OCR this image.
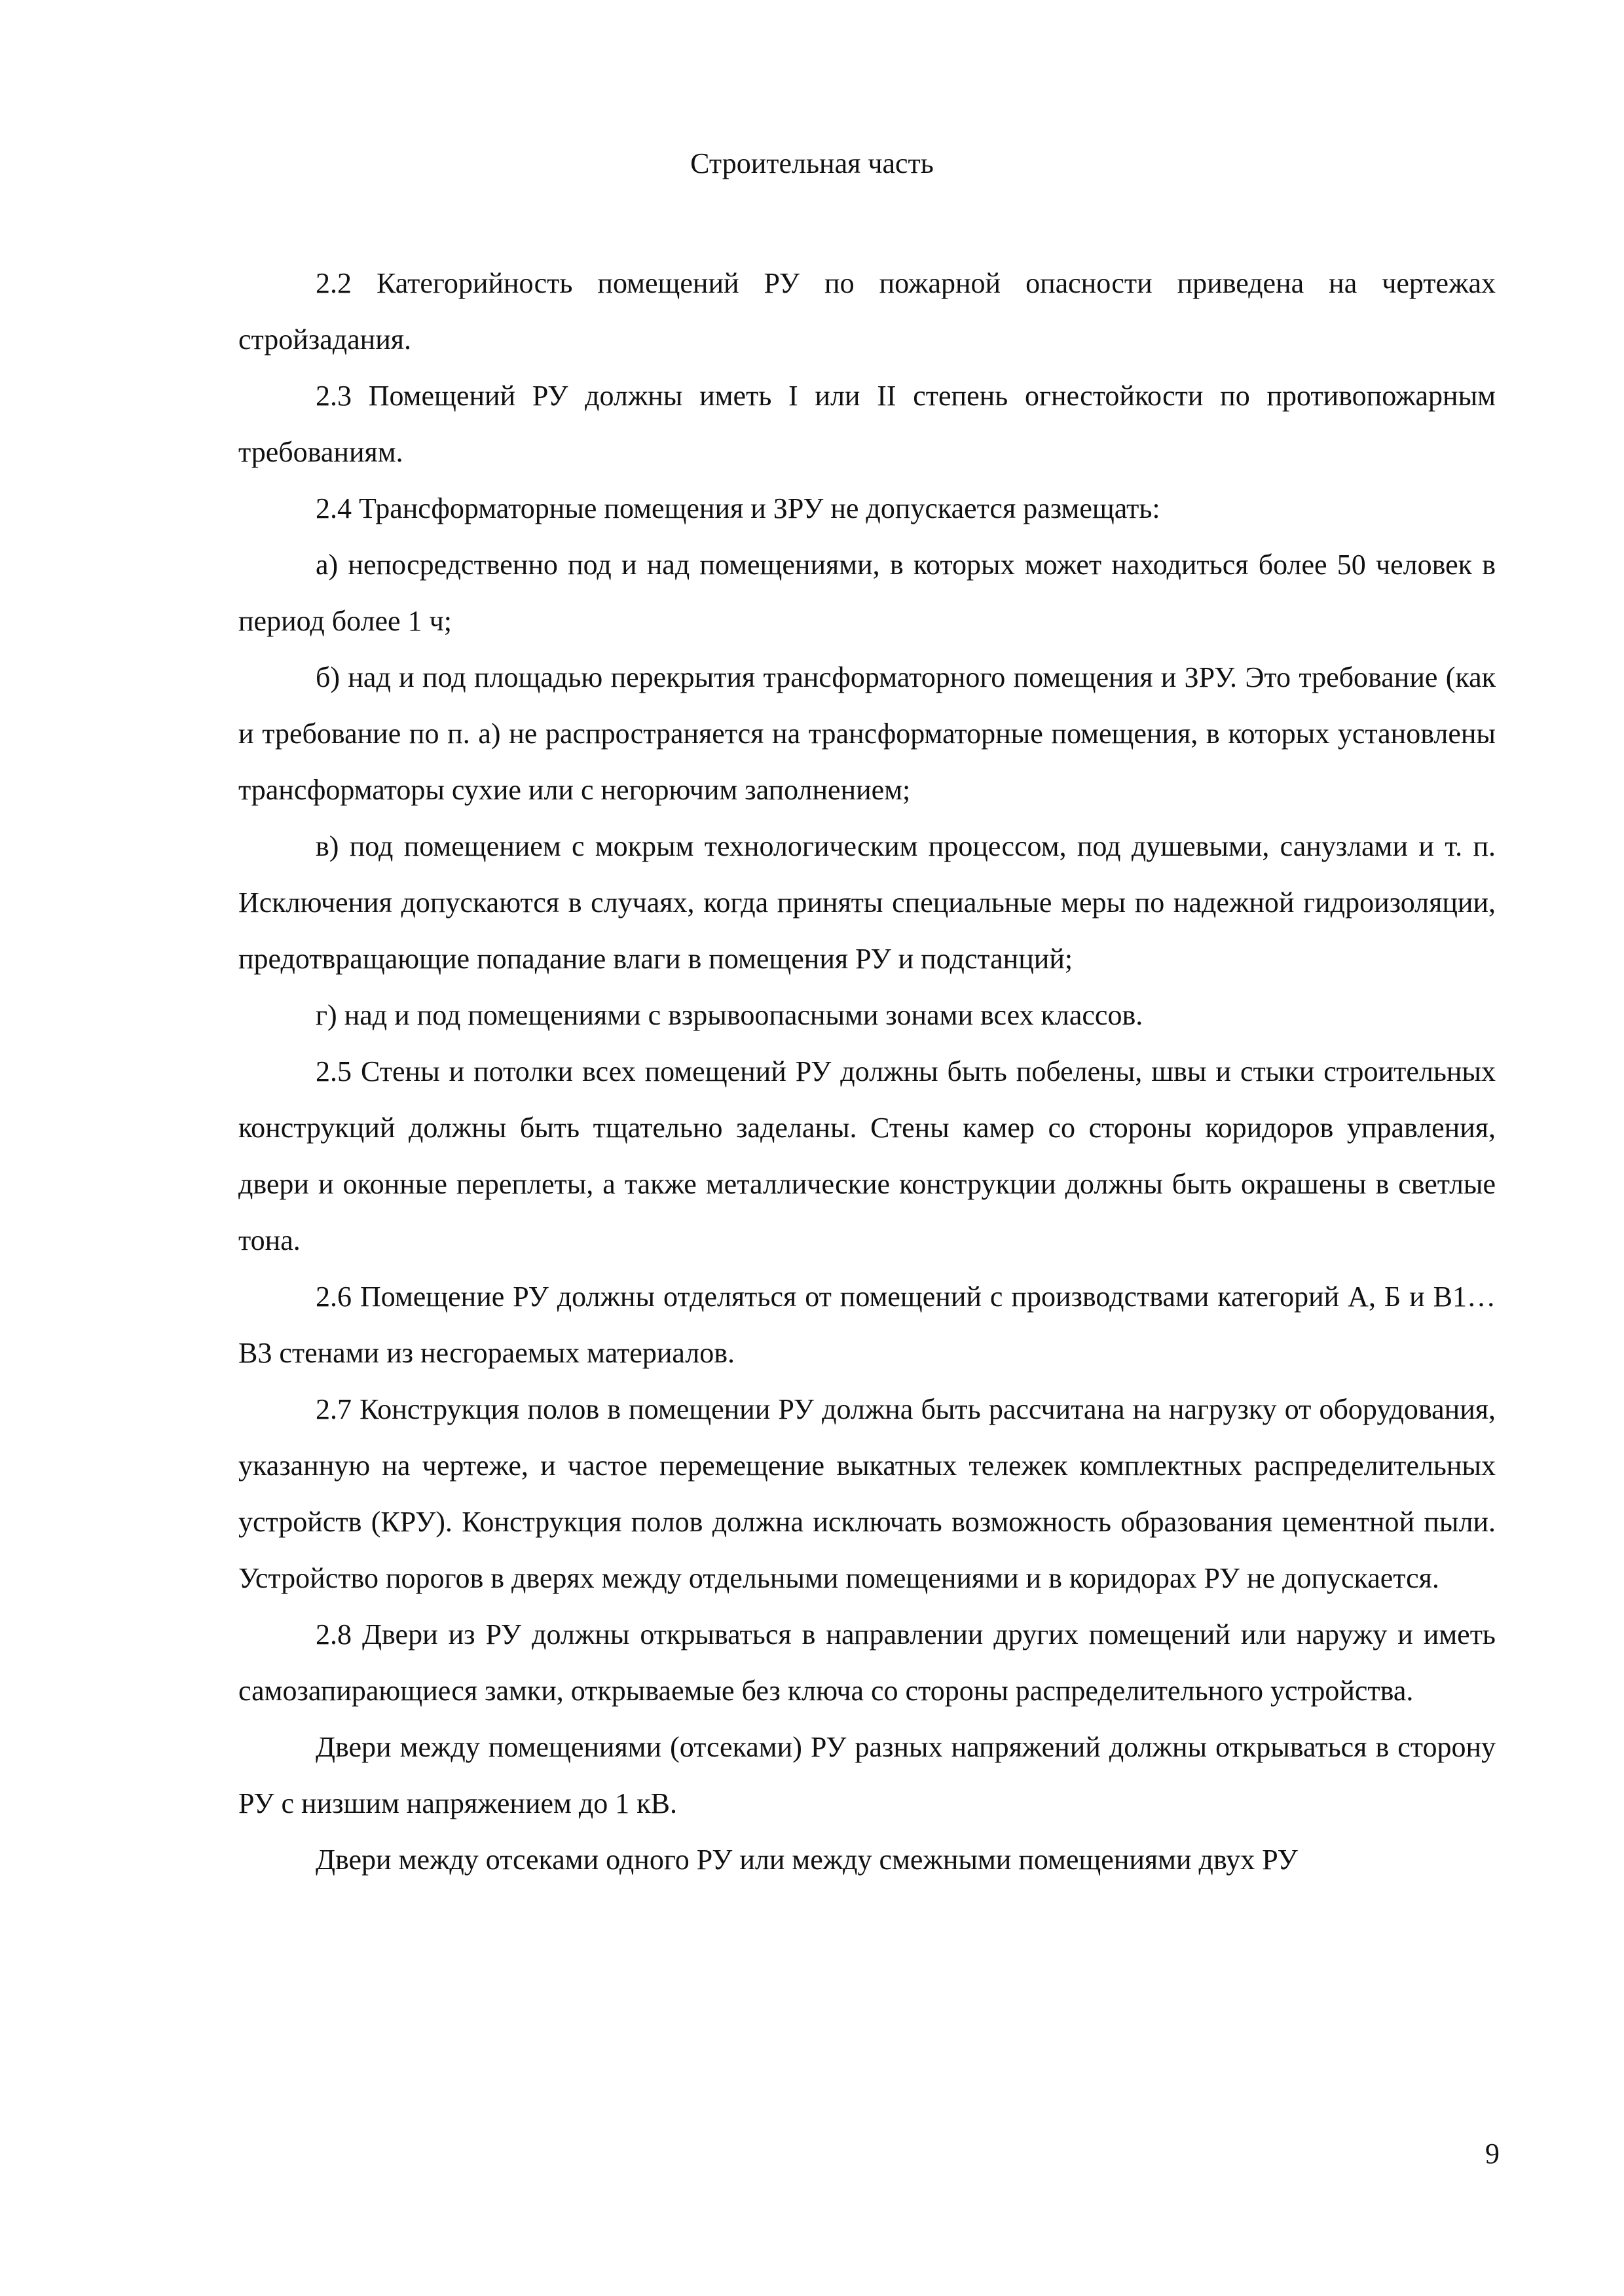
Строительная часть

2.2 Категорийность помещений РУ по пожарной опасности приведена на чертежах стройзадания.

2.3 Помещений РУ должны иметь I или II степень огнестойкости по противопожарным требованиям.

2.4 Трансформаторные помещения и ЗРУ не допускается размещать:

а) непосредственно под и над помещениями, в которых может находиться более 50 человек в период более 1 ч;

б) над и под площадью перекрытия трансформаторного помещения и ЗРУ. Это требование (как и требование по п. а) не распространяется на трансформаторные помещения, в которых установлены трансформаторы сухие или с негорючим заполнением;

в) под помещением с мокрым технологическим процессом, под душевыми, санузлами и т. п. Исключения допускаются в случаях, когда приняты специальные меры по надежной гидроизоляции, предотвращающие попадание влаги в помещения РУ и подстанций;

г) над и под помещениями с взрывоопасными зонами всех классов.

2.5 Стены и потолки всех помещений РУ должны быть побелены, швы и стыки строительных конструкций должны быть тщательно заделаны. Стены камер со стороны коридоров управления, двери и оконные переплеты, а также металлические конструкции должны быть окрашены в светлые тона.

2.6 Помещение РУ должны отделяться от помещений с производствами категорий А, Б и В1…В3 стенами из несгораемых материалов.

2.7 Конструкция полов в помещении РУ должна быть рассчитана на нагрузку от оборудования, указанную на чертеже, и частое перемещение выкатных тележек комплектных распределительных устройств (КРУ). Конструкция полов должна исключать возможность образования цементной пыли. Устройство порогов в дверях между отдельными помещениями и в коридорах РУ не допускается.

2.8 Двери из РУ должны открываться в направлении других помещений или наружу и иметь самозапирающиеся замки, открываемые без ключа со стороны распределительного устройства.

Двери между помещениями (отсеками) РУ разных напряжений должны открываться в сторону РУ с низшим напряжением до 1 кВ.

Двери между отсеками одного РУ или между смежными помещениями двух РУ

9
